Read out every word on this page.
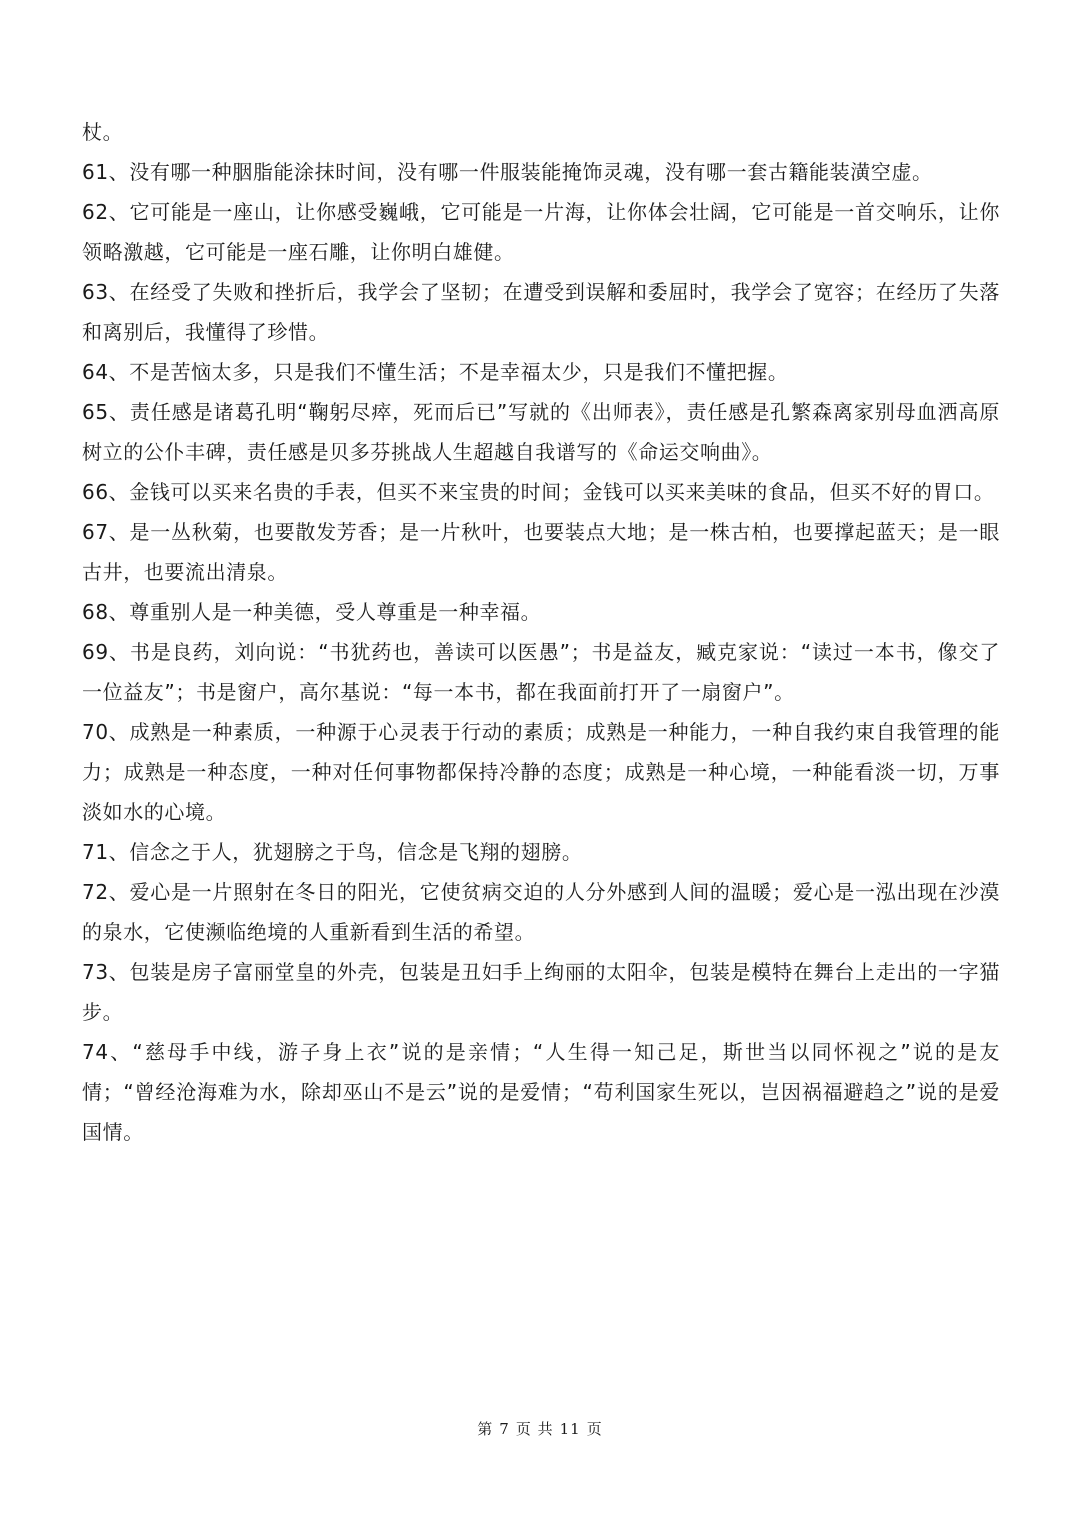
杖。

61、没有哪一种胭脂能涂抹时间，没有哪一件服装能掩饰灵魂，没有哪一套古籍能装潢空虚。

62、它可能是一座山，让你感受巍峨，它可能是一片海，让你体会壮阔，它可能是一首交响乐，让你领略激越，它可能是一座石雕，让你明白雄健。

63、在经受了失败和挫折后，我学会了坚韧；在遭受到误解和委屈时，我学会了宽容；在经历了失落和离别后，我懂得了珍惜。

64、不是苦恼太多，只是我们不懂生活；不是幸福太少，只是我们不懂把握。

65、责任感是诸葛孔明“鞠躬尽瘁，死而后已”写就的《出师表》，责任感是孔繁森离家别母血洒高原树立的公仆丰碑，责任感是贝多芬挑战人生超越自我谱写的《命运交响曲》。

66、金钱可以买来名贵的手表，但买不来宝贵的时间；金钱可以买来美味的食品，但买不好的胃口。

67、是一丛秋菊，也要散发芳香；是一片秋叶，也要装点大地；是一株古柏，也要撑起蓝天；是一眼古井，也要流出清泉。

68、尊重别人是一种美德，受人尊重是一种幸福。

69、书是良药，刘向说：“书犹药也，善读可以医愚”；书是益友，臧克家说：“读过一本书，像交了一位益友”；书是窗户，高尔基说：“每一本书，都在我面前打开了一扇窗户”。

70、成熟是一种素质，一种源于心灵表于行动的素质；成熟是一种能力，一种自我约束自我管理的能力；成熟是一种态度，一种对任何事物都保持冷静的态度；成熟是一种心境，一种能看淡一切，万事淡如水的心境。

71、信念之于人，犹翅膀之于鸟，信念是飞翔的翅膀。

72、爱心是一片照射在冬日的阳光，它使贫病交迫的人分外感到人间的温暖；爱心是一泓出现在沙漠的泉水，它使濒临绝境的人重新看到生活的希望。

73、包装是房子富丽堂皇的外壳，包装是丑妇手上绚丽的太阳伞，包装是模特在舞台上走出的一字猫步。

74、“慈母手中线，游子身上衣”说的是亲情；“人生得一知己足，斯世当以同怀视之”说的是友情；“曾经沧海难为水，除却巫山不是云”说的是爱情；“苟利国家生死以，岂因祸福避趋之”说的是爱国情。

第 7 页 共 11 页
